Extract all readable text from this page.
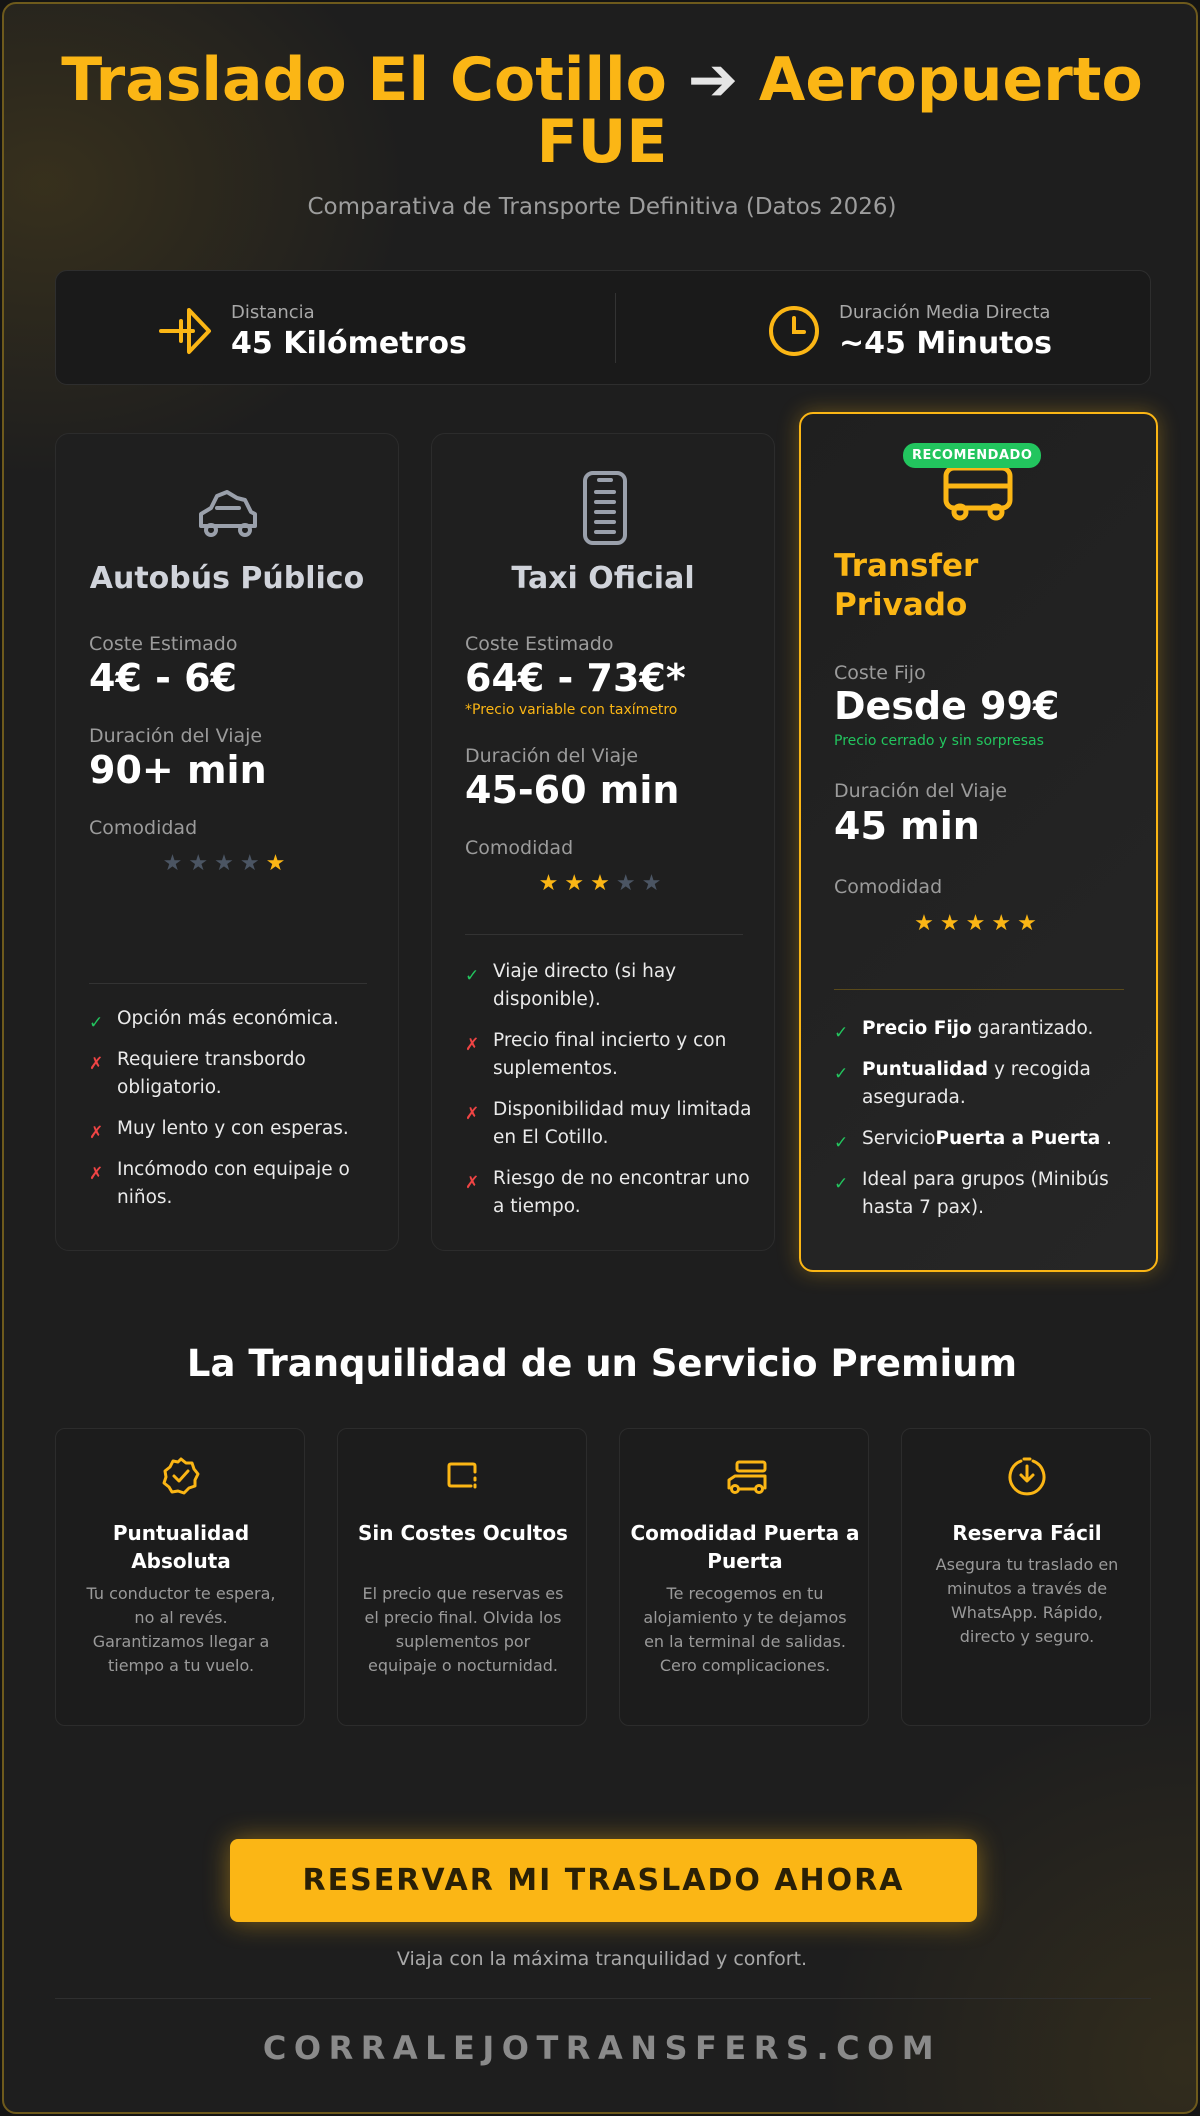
Traslado El Cotillo ➔ Aeropuerto
FUE
Comparativa de Transporte Definitiva (Datos 2026)
Distancia
45 Kilómetros
Duración Media Directa
~45 Minutos
Autobús Público
Coste Estimado
4€ - 6€
Duración del Viaje
90+ min
Comodidad
★★★★★
✓ Opción más económica.
✗ Requiere transbordo obligatorio.
✗ Muy lento y con esperas.
✗ Incómodo con equipaje o niños.
Taxi Oficial
Coste Estimado
64€ - 73€*
*Precio variable con taxímetro
Duración del Viaje
45-60 min
Comodidad
★★★★★
✓ Viaje directo (si hay disponible).
✗ Precio final incierto y con suplementos.
✗ Disponibilidad muy limitada en El Cotillo.
✗ Riesgo de no encontrar uno a tiempo.
RECOMENDADO
Transfer
Privado
Coste Fijo
Desde 99€
Precio cerrado y sin sorpresas
Duración del Viaje
45 min
Comodidad
★★★★★
✓ Precio Fijo garantizado.
✓ Puntualidad y recogida asegurada.
✓ ServicioPuerta a Puerta .
✓ Ideal para grupos (Minibús hasta 7 pax).
La Tranquilidad de un Servicio Premium
Puntualidad Absoluta
Tu conductor te espera, no al revés. Garantizamos llegar a tiempo a tu vuelo.
Sin Costes Ocultos
El precio que reservas es el precio final. Olvida los suplementos por equipaje o nocturnidad.
Comodidad Puerta a Puerta
Te recogemos en tu alojamiento y te dejamos en la terminal de salidas. Cero complicaciones.
Reserva Fácil
Asegura tu traslado en minutos a través de WhatsApp. Rápido, directo y seguro.
RESERVAR MI TRASLADO AHORA
Viaja con la máxima tranquilidad y confort.
CORRALEJOTRANSFERS.COM
